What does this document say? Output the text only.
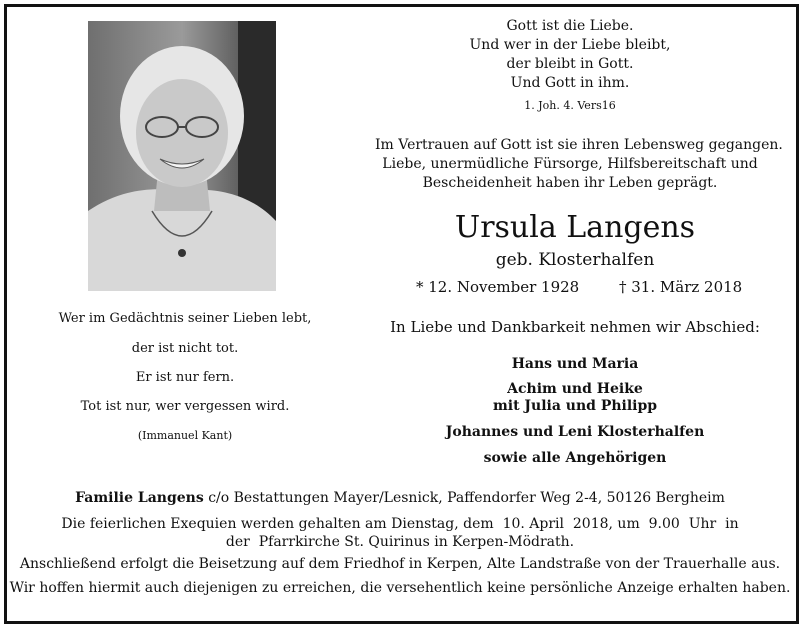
Gott ist die Liebe.
Und wer in der Liebe bleibt,
der bleibt in Gott.
Und Gott in ihm.
1. Joh. 4. Vers16
Im Vertrauen auf Gott ist sie ihren Lebensweg gegangen.
Liebe, unermüdliche Fürsorge, Hilfsbereitschaft und
Bescheidenheit haben ihr Leben geprägt.
Ursula Langens
geb. Klosterhalfen
* 12. November 1928	† 31. März 2018
In Liebe und Dankbarkeit nehmen wir Abschied:
Hans und Maria
Achim und Heike
mit Julia und Philipp
Johannes und Leni Klosterhalfen
sowie alle Angehörigen
Wer im Gedächtnis seiner Lieben lebt,
der ist nicht tot.
Er ist nur fern.
Tot ist nur, wer vergessen wird.
(Immanuel Kant)
Familie Langens c/o Bestattungen Mayer/Lesnick, Paffendorfer Weg 2-4, 50126 Bergheim
Die feierlichen Exequien werden gehalten am Dienstag, dem  10. April  2018, um  9.00  Uhr  in
der  Pfarrkirche St. Quirinus in Kerpen-Mödrath.
Anschließend erfolgt die Beisetzung auf dem Friedhof in Kerpen, Alte Landstraße von der Trauerhalle aus.
Wir hoffen hiermit auch diejenigen zu erreichen, die versehentlich keine persönliche Anzeige erhalten haben.
